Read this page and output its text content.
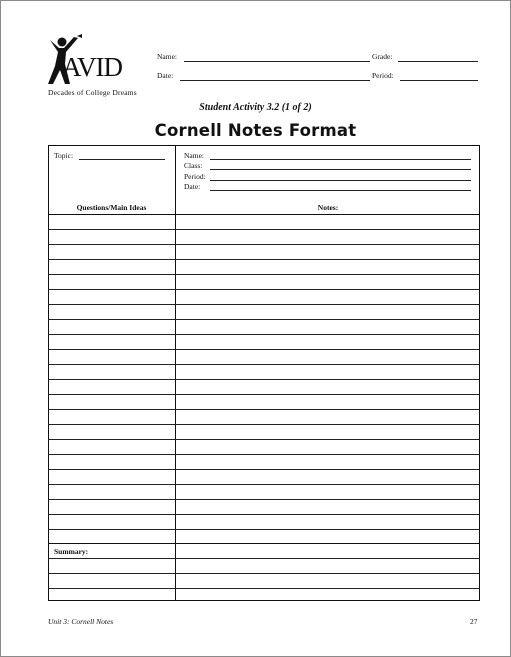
AVID
Decades of College Dreams
Name:	Grade:
Date:	Period:
Student Activity 3.2 (1 of 2)
Cornell Notes Format
Topic:	Name:
Class:
Period:
Date:
Questions/Main Ideas	Notes:
Summary:
Unit 3: Cornell Notes	27
